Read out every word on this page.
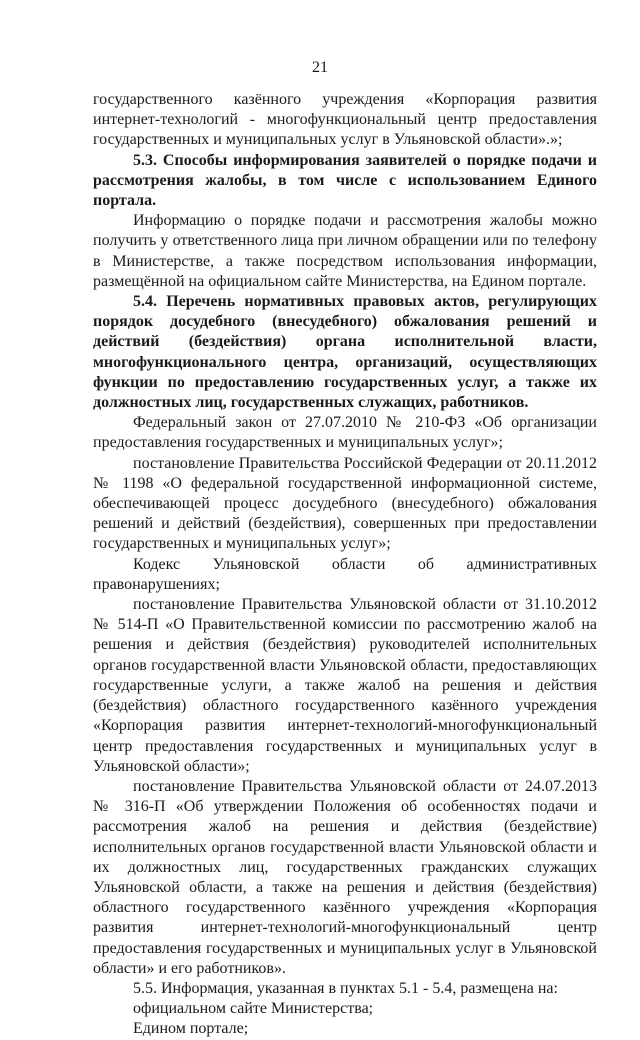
21

государственного казённого учреждения «Корпорация развития интернет-технологий - многофункциональный центр предоставления государственных и муниципальных услуг в Ульяновской области».»;

5.3. Способы информирования заявителей о порядке подачи и рассмотрения жалобы, в том числе с использованием Единого портала.

Информацию о порядке подачи и рассмотрения жалобы можно получить у ответственного лица при личном обращении или по телефону в Министерстве, а также посредством использования информации, размещённой на официальном сайте Министерства, на Едином портале.

5.4. Перечень нормативных правовых актов, регулирующих порядок досудебного (внесудебного) обжалования решений и действий (бездействия) органа исполнительной власти, многофункционального центра, организаций, осуществляющих функции по предоставлению государственных услуг, а также их должностных лиц, государственных служащих, работников.

Федеральный закон от 27.07.2010 № 210-ФЗ «Об организации предоставления государственных и муниципальных услуг»;

постановление Правительства Российской Федерации от 20.11.2012 № 1198 «О федеральной государственной информационной системе, обеспечивающей процесс досудебного (внесудебного) обжалования решений и действий (бездействия), совершенных при предоставлении государственных и муниципальных услуг»;

Кодекс Ульяновской области об административных правонарушениях;

постановление Правительства Ульяновской области от 31.10.2012 № 514-П «О Правительственной комиссии по рассмотрению жалоб на решения и действия (бездействия) руководителей исполнительных органов государственной власти Ульяновской области, предоставляющих государственные услуги, а также жалоб на решения и действия (бездействия) областного государственного казённого учреждения «Корпорация развития интернет-технологий-многофункциональный центр предоставления государственных и муниципальных услуг в Ульяновской области»;

постановление Правительства Ульяновской области от 24.07.2013 № 316-П «Об утверждении Положения об особенностях подачи и рассмотрения жалоб на решения и действия (бездействие) исполнительных органов государственной власти Ульяновской области и их должностных лиц, государственных гражданских служащих Ульяновской области, а также на решения и действия (бездействия) областного государственного казённого учреждения «Корпорация развития интернет-технологий-многофункциональный центр предоставления государственных и муниципальных услуг в Ульяновской области» и его работников».

5.5. Информация, указанная в пунктах 5.1 - 5.4, размещена на:

официальном сайте Министерства;

Едином портале;
